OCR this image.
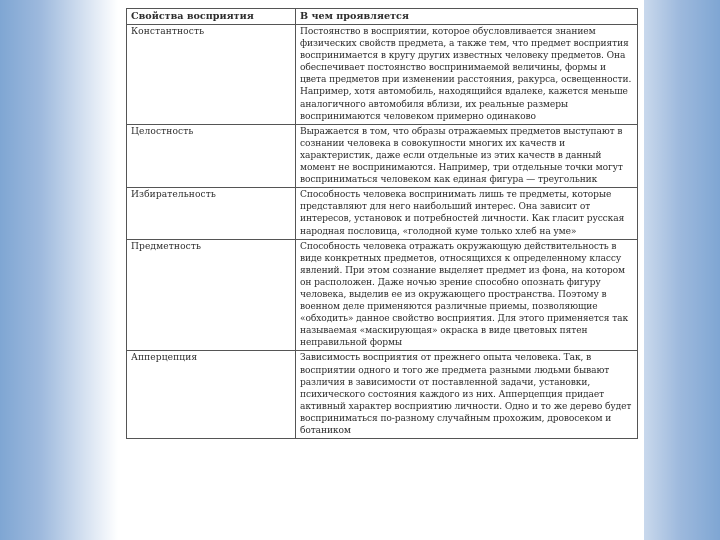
Свойства восприятия	В чем проявляется
Константность	Постоянство в восприятии, которое обусловливается знанием физических свойств предмета, а также тем, что предмет восприятия воспринимается в кругу других известных человеку предметов. Она обеспечивает постоянство воспринимаемой величины, формы и цвета предметов при изменении расстояния, ракурса, освещенности. Например, хотя автомобиль, находящийся вдалеке, кажется меньше аналогичного автомобиля вблизи, их реальные размеры воспринимаются человеком примерно одинаково
Целостность	Выражается в том, что образы отражаемых предметов выступают в сознании человека в совокупности многих их качеств и характеристик, даже если отдельные из этих качеств в данный момент не воспринимаются. Например, три отдельные точки могут восприниматься человеком как единая фигура — треугольник
Избирательность	Способность человека воспринимать лишь те предметы, которые представляют для него наибольший интерес. Она зависит от интересов, установок и потребностей личности. Как гласит русская народная пословица, «голодной куме только хлеб на уме»
Предметность	Способность человека отражать окружающую действительность в виде конкретных предметов, относящихся к определенному классу явлений. При этом сознание выделяет предмет из фона, на котором он расположен. Даже ночью зрение способно опознать фигуру человека, выделив ее из окружающего пространства. Поэтому в военном деле применяются различные приемы, позволяющие «обходить» данное свойство восприятия. Для этого применяется так называемая «маскирующая» окраска в виде цветовых пятен неправильной формы
Апперцепция	Зависимость восприятия от прежнего опыта человека. Так, в восприятии одного и того же предмета разными людьми бывают различия в зависимости от поставленной задачи, установки, психического состояния каждого из них. Апперцепция придает активный характер восприятию личности. Одно и то же дерево будет восприниматься по-разному случайным прохожим, дровосеком и ботаником
